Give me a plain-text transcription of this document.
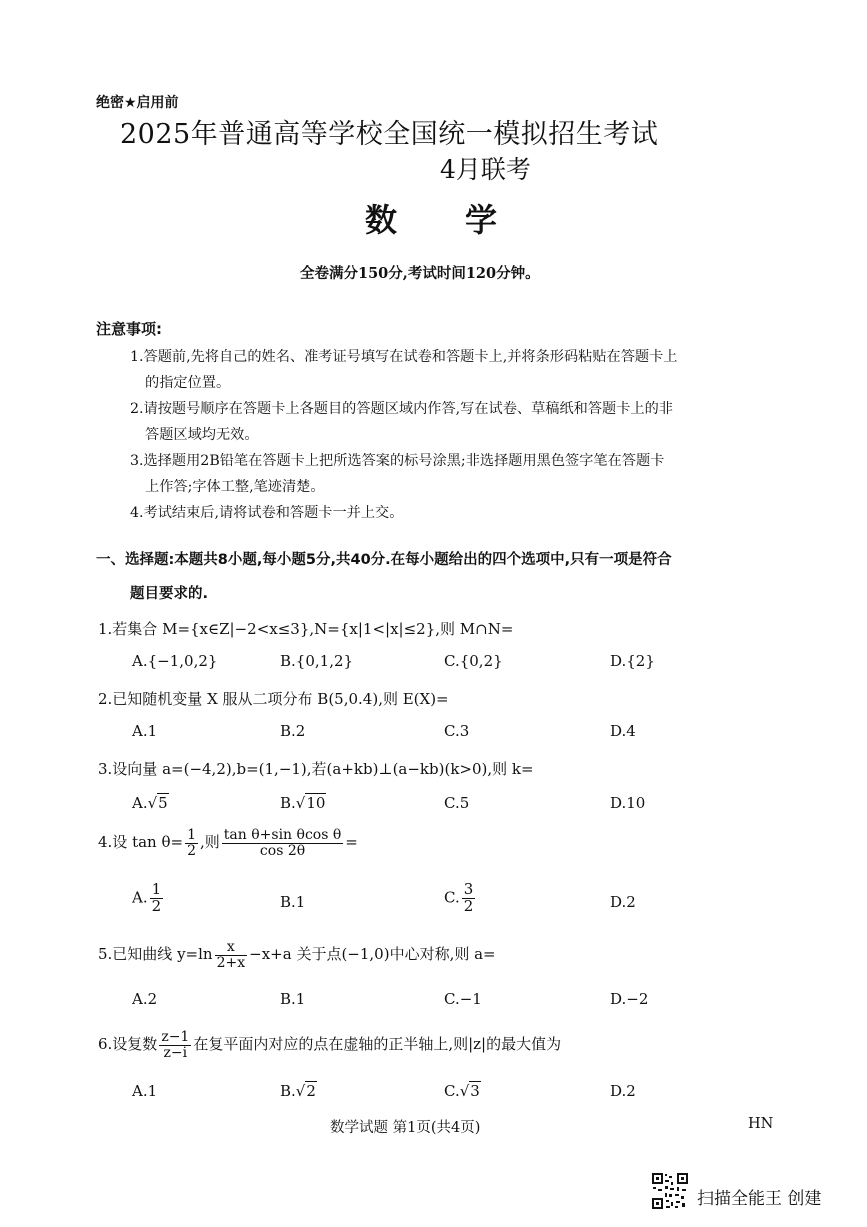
绝密★启用前
2025年普通高等学校全国统一模拟招生考试
4月联考
数学
全卷满分150分,考试时间120分钟。
注意事项:
1.答题前,先将自己的姓名、准考证号填写在试卷和答题卡上,并将条形码粘贴在答题卡上
的指定位置。
2.请按题号顺序在答题卡上各题目的答题区域内作答,写在试卷、草稿纸和答题卡上的非
答题区域均无效。
3.选择题用2B铅笔在答题卡上把所选答案的标号涂黑;非选择题用黑色签字笔在答题卡
上作答;字体工整,笔迹清楚。
4.考试结束后,请将试卷和答题卡一并上交。
一、选择题:本题共8小题,每小题5分,共40分.在每小题给出的四个选项中,只有一项是符合
题目要求的.
1.若集合 M={x∈Z|−2<x≤3},N={x|1<|x|≤2},则 M∩N=
A.{−1,0,2}	B.{0,1,2}	C.{0,2}	D.{2}
2.已知随机变量 X 服从二项分布 B(5,0.4),则 E(X)=
A.1	B.2	C.3	D.4
3.设向量 a=(−4,2),b=(1,−1),若(a+kb)⊥(a−kb)(k>0),则 k=
A.√5	B.√10	C.5	D.10
4.设 $\tan \theta= \frac{1}{2}$ ,则 $\frac{\text{tan θ+sin θcos θ}}{\cos 2\theta}$ =
A. $\frac{1}{2}$	B.1	C. $\frac{3}{2}$	D.2
5.已知曲线 $y=\ln \frac{x}{2+x} -x+a$ 关于点(−1,0)中心对称,则 a=
A.2	B.1	C.−1	D.−2
6.设复数 $\frac{z-1}{z-i}$ 在复平面内对应的点在虚轴的正半轴上,则|z|的最大值为
A.1	B.√2	C.√3	D.2
数学试题 第1页(共4页)	HN
扫描全能王 创建
